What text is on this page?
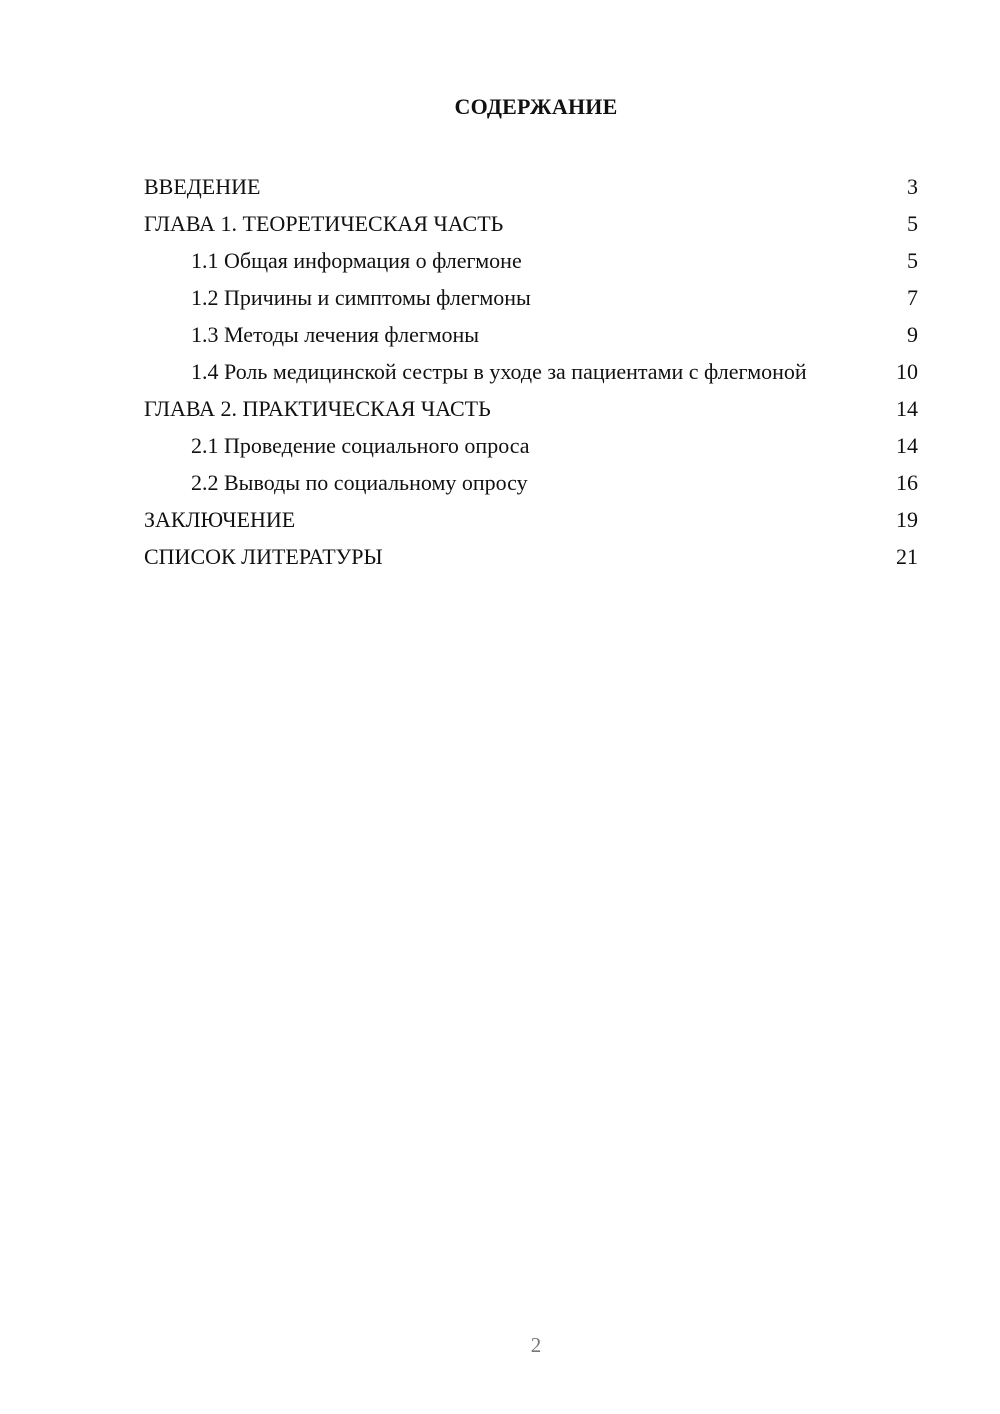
СОДЕРЖАНИЕ
ВВЕДЕНИЕ	3
ГЛАВА 1. ТЕОРЕТИЧЕСКАЯ ЧАСТЬ	5
1.1 Общая информация о флегмоне	5
1.2 Причины и симптомы флегмоны	7
1.3 Методы лечения флегмоны	9
1.4 Роль медицинской сестры в уходе за пациентами с флегмоной	10
ГЛАВА 2. ПРАКТИЧЕСКАЯ ЧАСТЬ	14
2.1 Проведение социального опроса	14
2.2 Выводы по социальному опросу	16
ЗАКЛЮЧЕНИЕ	19
СПИСОК ЛИТЕРАТУРЫ	21
2
